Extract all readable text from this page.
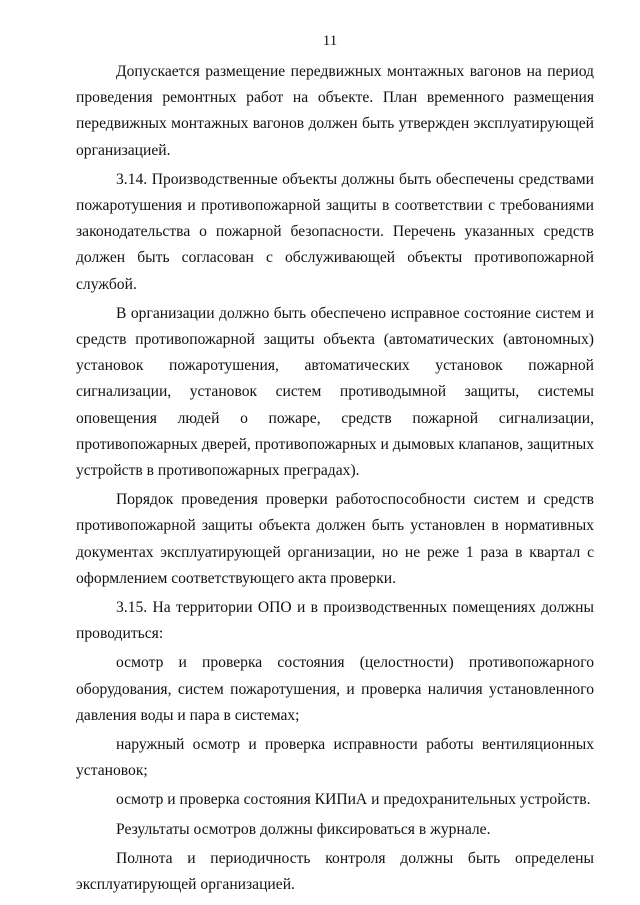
11

Допускается размещение передвижных монтажных вагонов на период проведения ремонтных работ на объекте. План временного размещения передвижных монтажных вагонов должен быть утвержден эксплуатирующей организацией.

3.14. Производственные объекты должны быть обеспечены средствами пожаротушения и противопожарной защиты в соответствии с требованиями законодательства о пожарной безопасности. Перечень указанных средств должен быть согласован с обслуживающей объекты противопожарной службой.

В организации должно быть обеспечено исправное состояние систем и средств противопожарной защиты объекта (автоматических (автономных) установок пожаротушения, автоматических установок пожарной сигнализации, установок систем противодымной защиты, системы оповещения людей о пожаре, средств пожарной сигнализации, противопожарных дверей, противопожарных и дымовых клапанов, защитных устройств в противопожарных преградах).

Порядок проведения проверки работоспособности систем и средств противопожарной защиты объекта должен быть установлен в нормативных документах эксплуатирующей организации, но не реже 1 раза в квартал с оформлением соответствующего акта проверки.

3.15. На территории ОПО и в производственных помещениях должны проводиться:

осмотр и проверка состояния (целостности) противопожарного оборудования, систем пожаротушения, и проверка наличия установленного давления воды и пара в системах;

наружный осмотр и проверка исправности работы вентиляционных установок;

осмотр и проверка состояния КИПиА и предохранительных устройств.

Результаты осмотров должны фиксироваться в журнале.

Полнота и периодичность контроля должны быть определены эксплуатирующей организацией.
